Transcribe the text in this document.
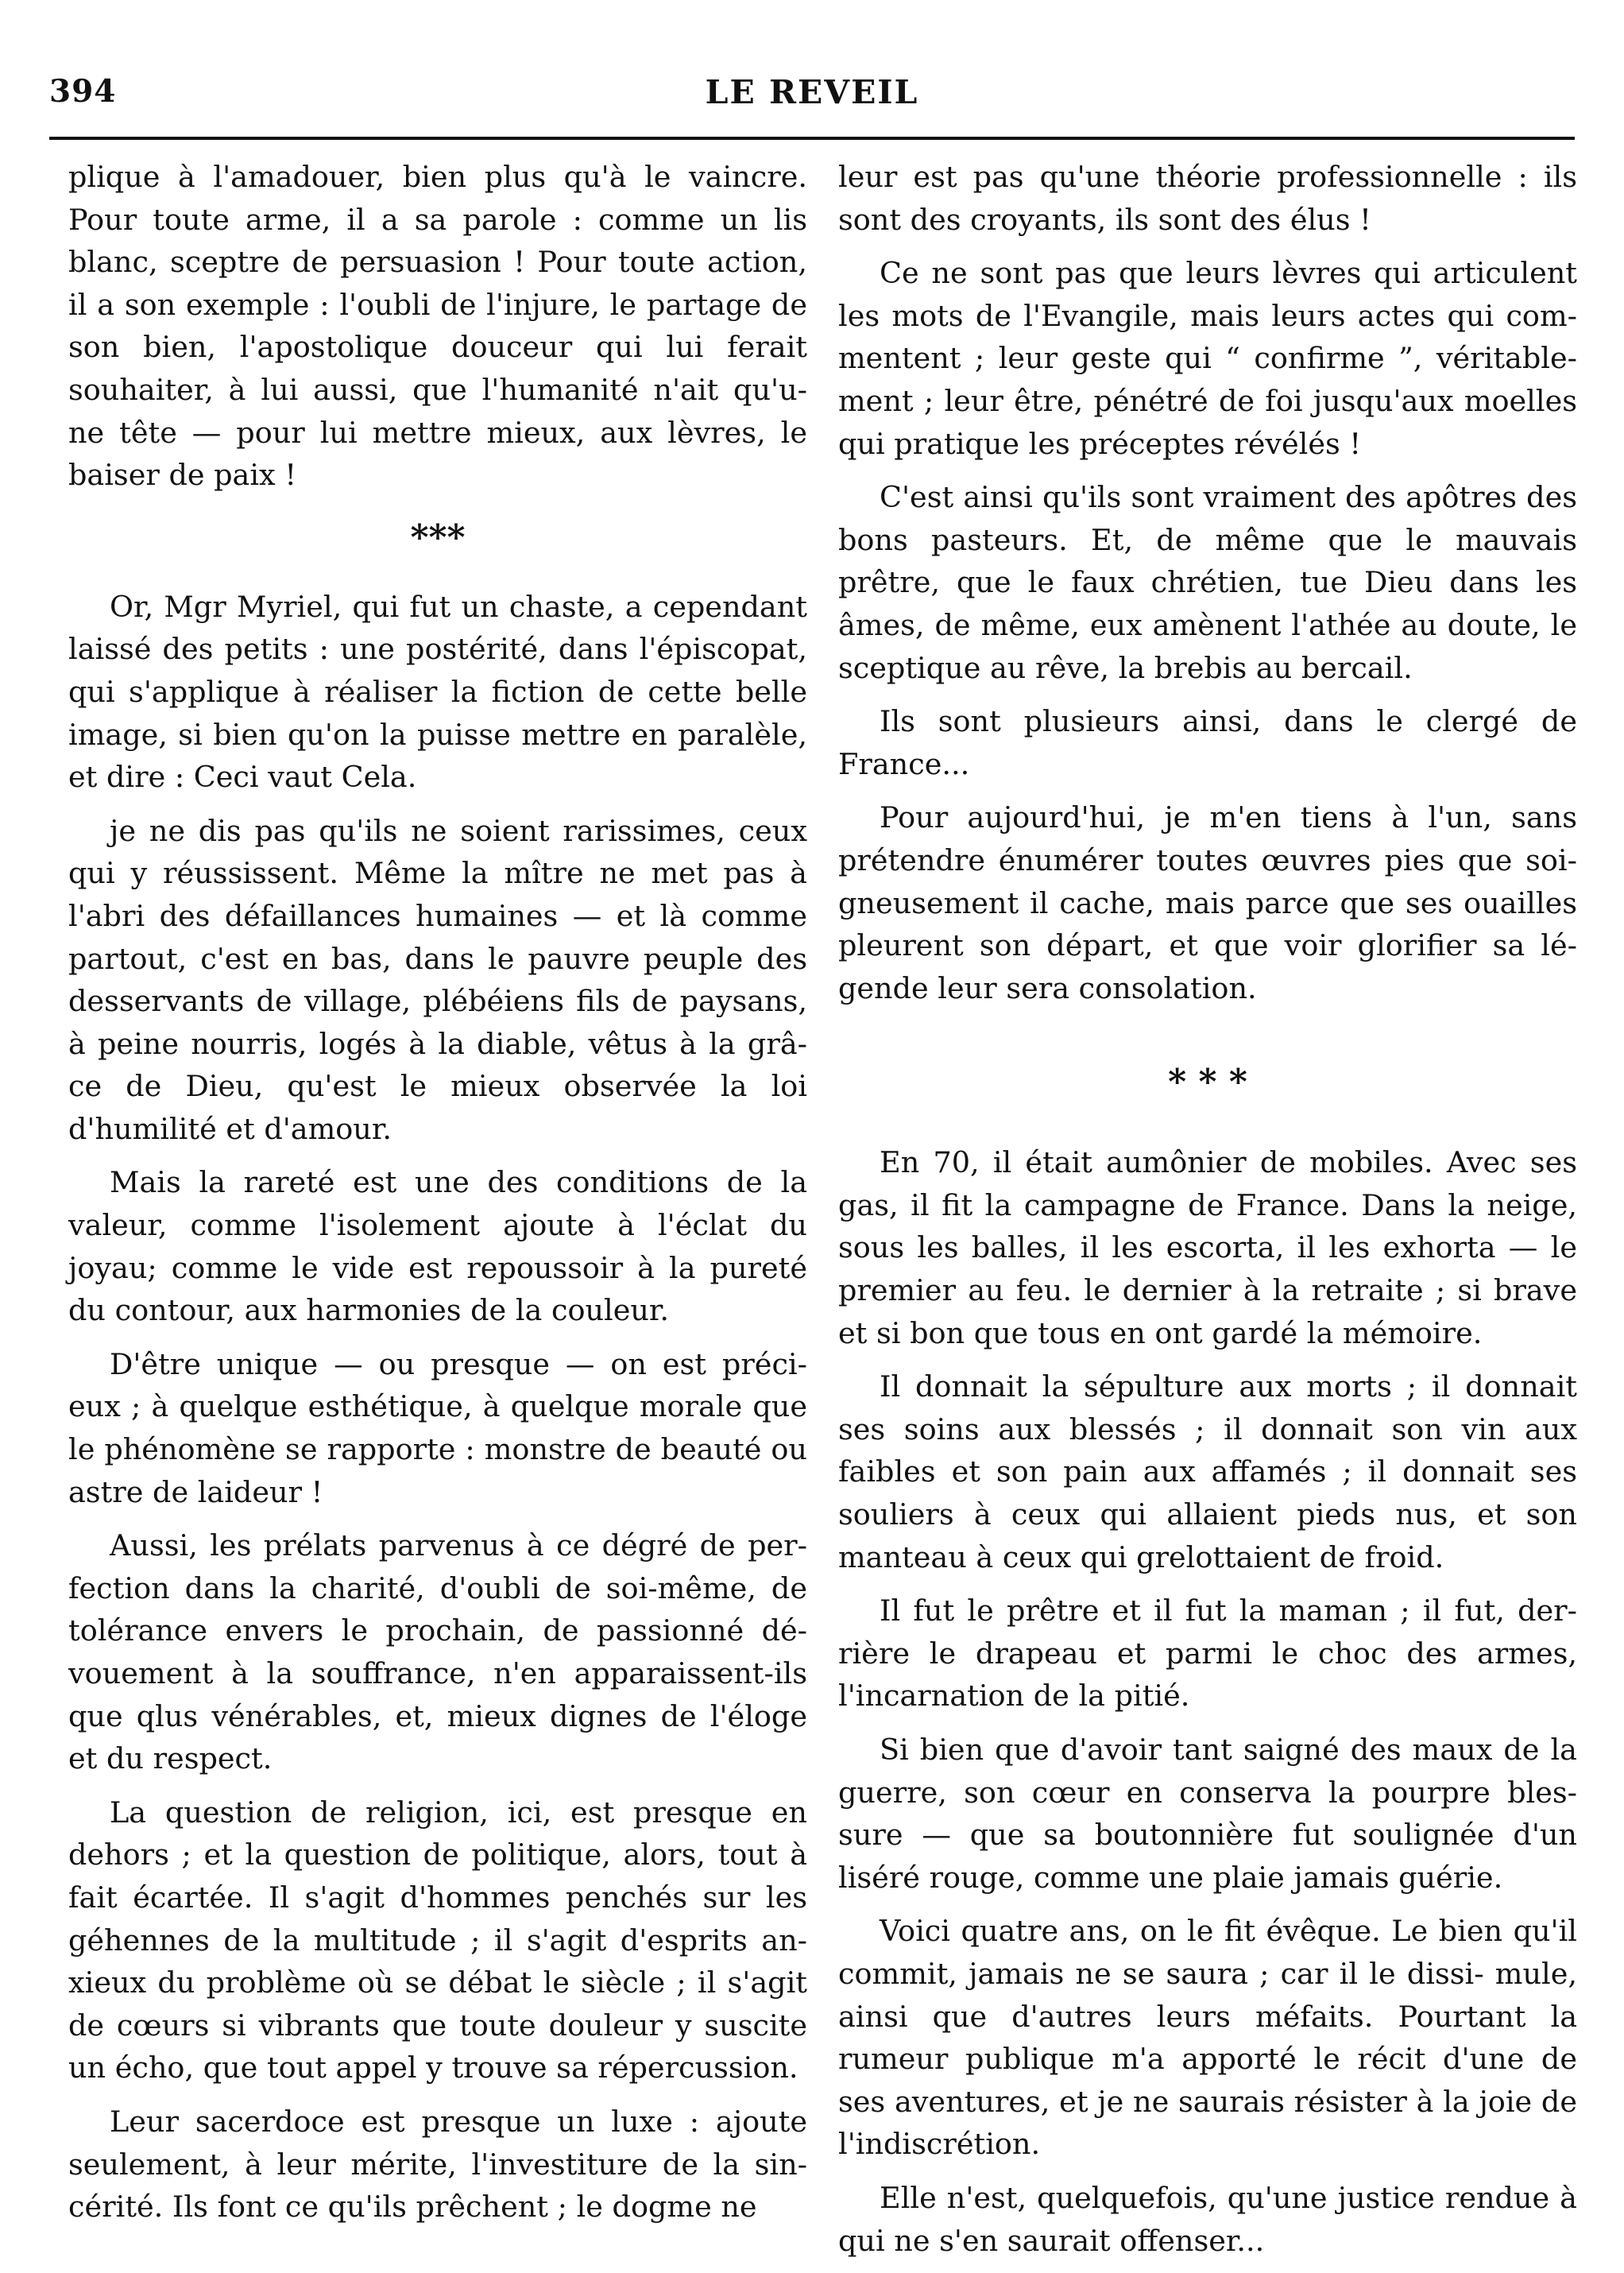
394	LE REVEIL

plique à l'amadouer, bien plus qu'à le vaincre. Pour toute arme, il a sa parole : comme un lis blanc, sceptre de persuasion ! Pour toute action, il a son exemple : l'oubli de l'injure, le partage de son bien, l'apostolique douceur qui lui ferait souhaiter, à lui aussi, que l'humanité n'ait qu'u- ne tête — pour lui mettre mieux, aux lèvres, le baiser de paix !

***

Or, Mgr Myriel, qui fut un chaste, a cependant laissé des petits : une postérité, dans l'épiscopat, qui s'applique à réaliser la fiction de cette belle image, si bien qu'on la puisse mettre en paralèle, et dire : Ceci vaut Cela.

je ne dis pas qu'ils ne soient rarissimes, ceux qui y réussissent. Même la mître ne met pas à l'abri des défaillances humaines — et là comme partout, c'est en bas, dans le pauvre peuple des desservants de village, plébéiens fils de paysans, à peine nourris, logés à la diable, vêtus à la grâ- ce de Dieu, qu'est le mieux observée la loi d'humilité et d'amour.

Mais la rareté est une des conditions de la valeur, comme l'isolement ajoute à l'éclat du joyau; comme le vide est repoussoir à la pureté du contour, aux harmonies de la couleur.

D'être unique — ou presque — on est préci- eux ; à quelque esthétique, à quelque morale que le phénomène se rapporte : monstre de beauté ou astre de laideur !

Aussi, les prélats parvenus à ce dégré de per- fection dans la charité, d'oubli de soi-même, de tolérance envers le prochain, de passionné dé- vouement à la souffrance, n'en apparaissent-ils que qlus vénérables, et, mieux dignes de l'éloge et du respect.

La question de religion, ici, est presque en dehors ; et la question de politique, alors, tout à fait écartée. Il s'agit d'hommes penchés sur les géhennes de la multitude ; il s'agit d'esprits an- xieux du problème où se débat le siècle ; il s'agit de cœurs si vibrants que toute douleur y suscite un écho, que tout appel y trouve sa répercussion.

Leur sacerdoce est presque un luxe : ajoute seulement, à leur mérite, l'investiture de la sin- cérité. Ils font ce qu'ils prêchent ; le dogme ne

leur est pas qu'une théorie professionnelle : ils sont des croyants, ils sont des élus !

Ce ne sont pas que leurs lèvres qui articulent les mots de l'Evangile, mais leurs actes qui com- mentent ; leur geste qui “ confirme ”, véritable- ment ; leur être, pénétré de foi jusqu'aux moelles qui pratique les préceptes révélés !

C'est ainsi qu'ils sont vraiment des apôtres des bons pasteurs. Et, de même que le mauvais prêtre, que le faux chrétien, tue Dieu dans les âmes, de même, eux amènent l'athée au doute, le sceptique au rêve, la brebis au bercail.

Ils sont plusieurs ainsi, dans le clergé de France...

Pour aujourd'hui, je m'en tiens à l'un, sans prétendre énumérer toutes œuvres pies que soi- gneusement il cache, mais parce que ses ouailles pleurent son départ, et que voir glorifier sa lé- gende leur sera consolation.

* * *

En 70, il était aumônier de mobiles. Avec ses gas, il fit la campagne de France. Dans la neige, sous les balles, il les escorta, il les exhorta — le premier au feu. le dernier à la retraite ; si brave et si bon que tous en ont gardé la mémoire.

Il donnait la sépulture aux morts ; il donnait ses soins aux blessés ; il donnait son vin aux faibles et son pain aux affamés ; il donnait ses souliers à ceux qui allaient pieds nus, et son manteau à ceux qui grelottaient de froid.

Il fut le prêtre et il fut la maman ; il fut, der- rière le drapeau et parmi le choc des armes, l'incarnation de la pitié.

Si bien que d'avoir tant saigné des maux de la guerre, son cœur en conserva la pourpre bles- sure — que sa boutonnière fut soulignée d'un liséré rouge, comme une plaie jamais guérie.

Voici quatre ans, on le fit évêque. Le bien qu'il commit, jamais ne se saura ; car il le dissi- mule, ainsi que d'autres leurs méfaits. Pourtant la rumeur publique m'a apporté le récit d'une de ses aventures, et je ne saurais résister à la joie de l'indiscrétion.

Elle n'est, quelquefois, qu'une justice rendue à qui ne s'en saurait offenser...
